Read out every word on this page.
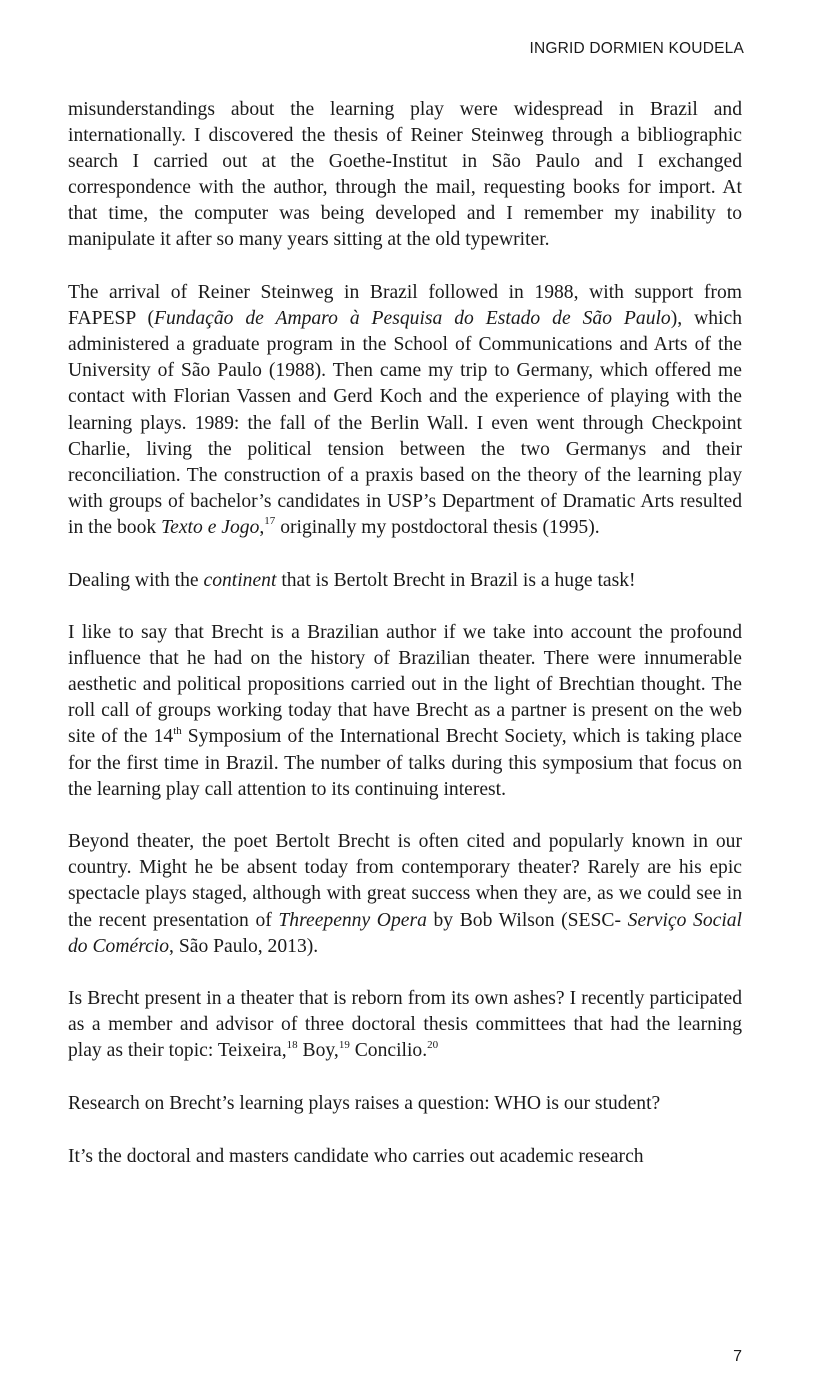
INGRID DORMIEN KOUDELA

misunderstandings about the learning play were widespread in Brazil and internationally. I discovered the thesis of Reiner Steinweg through a bibliographic search I carried out at the Goethe-Institut in São Paulo and I exchanged correspondence with the author, through the mail, requesting books for import. At that time, the computer was being developed and I remember my inability to manipulate it after so many years sitting at the old typewriter.

The arrival of Reiner Steinweg in Brazil followed in 1988, with support from FAPESP (Fundação de Amparo à Pesquisa do Estado de São Paulo), which administered a graduate program in the School of Communications and Arts of the University of São Paulo (1988). Then came my trip to Germany, which offered me contact with Florian Vassen and Gerd Koch and the experience of playing with the learning plays. 1989: the fall of the Berlin Wall. I even went through Checkpoint Charlie, living the political tension between the two Germanys and their reconciliation. The construction of a praxis based on the theory of the learning play with groups of bachelor’s candidates in USP’s Department of Dramatic Arts resulted in the book Texto e Jogo,$^{17}$ originally my postdoctoral thesis (1995).

Dealing with the continent that is Bertolt Brecht in Brazil is a huge task!

I like to say that Brecht is a Brazilian author if we take into account the profound influence that he had on the history of Brazilian theater. There were innumerable aesthetic and political propositions carried out in the light of Brechtian thought. The roll call of groups working today that have Brecht as a partner is present on the web site of the 14th Symposium of the International Brecht Society, which is taking place for the first time in Brazil. The number of talks during this symposium that focus on the learning play call attention to its continuing interest.

Beyond theater, the poet Bertolt Brecht is often cited and popularly known in our country. Might he be absent today from contemporary theater? Rarely are his epic spectacle plays staged, although with great success when they are, as we could see in the recent presentation of Threepenny Opera by Bob Wilson (SESC- Serviço Social do Comércio, São Paulo, 2013).

Is Brecht present in a theater that is reborn from its own ashes? I recently participated as a member and advisor of three doctoral thesis committees that had the learning play as their topic: Teixeira,$^{18}$ Boy,$^{19}$ Concilio.$^{20}$

Research on Brecht’s learning plays raises a question: WHO is our student?

It’s the doctoral and masters candidate who carries out academic research

7
